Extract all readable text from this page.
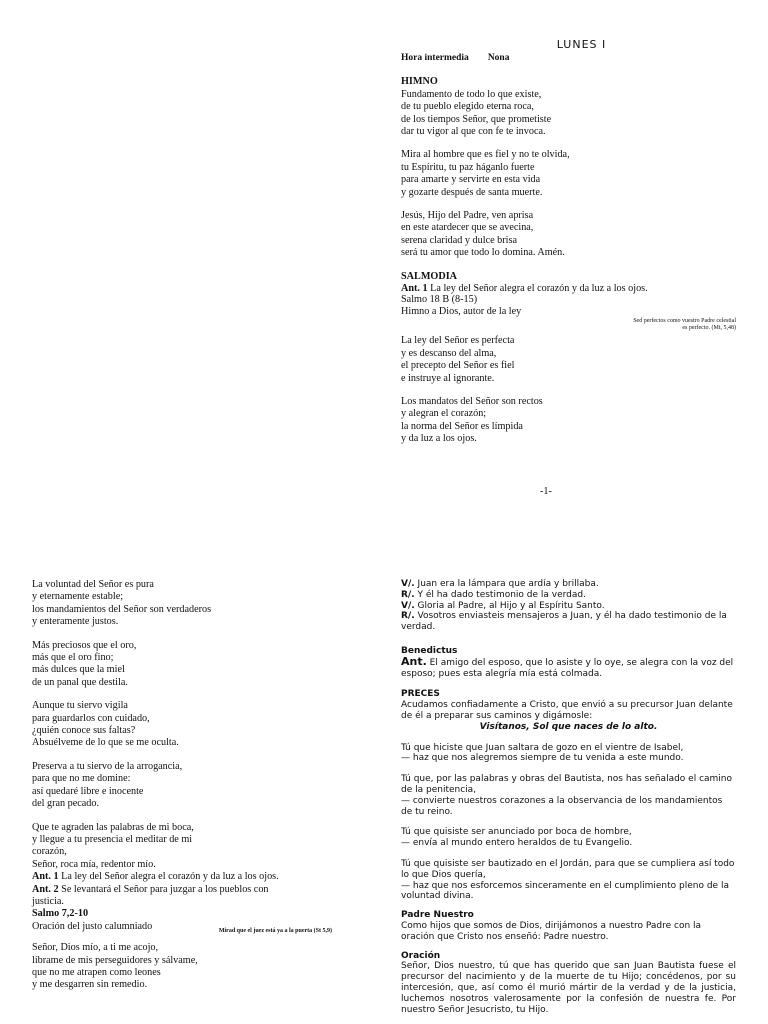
LUNES I

Hora intermedia Nona

HIMNO

Fundamento de todo lo que existe,

de tu pueblo elegido eterna roca,

de los tiempos Señor, que prometiste

dar tu vigor al que con fe te invoca.

Mira al hombre que es fiel y no te olvida,

tu Espíritu, tu paz háganlo fuerte

para amarte y servirte en esta vida

y gozarte después de santa muerte.

Jesús, Hijo del Padre, ven aprisa

en este atardecer que se avecina,

serena claridad y dulce brisa

será tu amor que todo lo domina. Amén.

SALMODIA

Ant. 1 La ley del Señor alegra el corazón y da luz a los ojos.

Salmo 18 B (8-15)

Himno a Dios, autor de la ley

Sed perfectos como vuestro Padre celestial

es perfecto. (Mt, 5,48)

La ley del Señor es perfecta

y es descanso del alma,

el precepto del Señor es fiel

e instruye al ignorante.

Los mandatos del Señor son rectos

y alegran el corazón;

la norma del Señor es límpida

y da luz a los ojos.

-1-

La voluntad del Señor es pura

y eternamente estable;

los mandamientos del Señor son verdaderos

y enteramente justos.

Más preciosos que el oro,

más que el oro fino;

más dulces que la miel

de un panal que destila.

Aunque tu siervo vigila

para guardarlos con cuidado,

¿quién conoce sus faltas?

Absuélveme de lo que se me oculta.

Preserva a tu siervo de la arrogancia,

para que no me domine:

así quedaré libre e inocente

del gran pecado.

Que te agraden las palabras de mi boca,

y llegue a tu presencia el meditar de mi

corazón,

Señor, roca mía, redentor mío.

Ant. 1 La ley del Señor alegra el corazón y da luz a los ojos.

Ant. 2 Se levantará el Señor para juzgar a los pueblos con justicia.

Salmo 7,2-10

Oración del justo calumniado	Mirad que el juez está ya a la puerta (St 5,9)

Señor, Dios mío, a ti me acojo,

líbrame de mis perseguidores y sálvame,

que no me atrapen como leones

y me desgarren sin remedio.

V/. Juan era la lámpara que ardía y brillaba.

R/. Y él ha dado testimonio de la verdad.

V/. Gloria al Padre, al Hijo y al Espíritu Santo.

R/. Vosotros enviasteis mensajeros a Juan, y él ha dado testimonio de la verdad.

Benedictus

Ant. El amigo del esposo, que lo asiste y lo oye, se alegra con la voz del esposo; pues esta alegría mía está colmada.

PRECES

Acudamos confiadamente a Cristo, que envió a su precursor Juan delante de él a preparar sus caminos y digámosle:

Visítanos, Sol que naces de lo alto.

Tú que hiciste que Juan saltara de gozo en el vientre de Isabel,

— haz que nos alegremos siempre de tu venida a este mundo.

Tú que, por las palabras y obras del Bautista, nos has señalado el camino de la penitencia,

— convierte nuestros corazones a la observancia de los mandamientos de tu reino.

Tú que quisiste ser anunciado por boca de hombre,

— envía al mundo entero heraldos de tu Evangelio.

Tú que quisiste ser bautizado en el Jordán, para que se cumpliera así todo lo que Dios quería,

— haz que nos esforcemos sinceramente en el cumplimiento pleno de la voluntad divina.

Padre Nuestro

Como hijos que somos de Dios, dirijámonos a nuestro Padre con la oración que Cristo nos enseñó: Padre nuestro.

Oración

Señor, Dios nuestro, tú que has querido que san Juan Bautista fuese el precursor del nacimiento y de la muerte de tu Hijo; concédenos, por su intercesión, que, así como él murió mártir de la verdad y de la justicia, luchemos nosotros valerosamente por la confesión de nuestra fe. Por nuestro Señor Jesucristo, tu Hijo.
